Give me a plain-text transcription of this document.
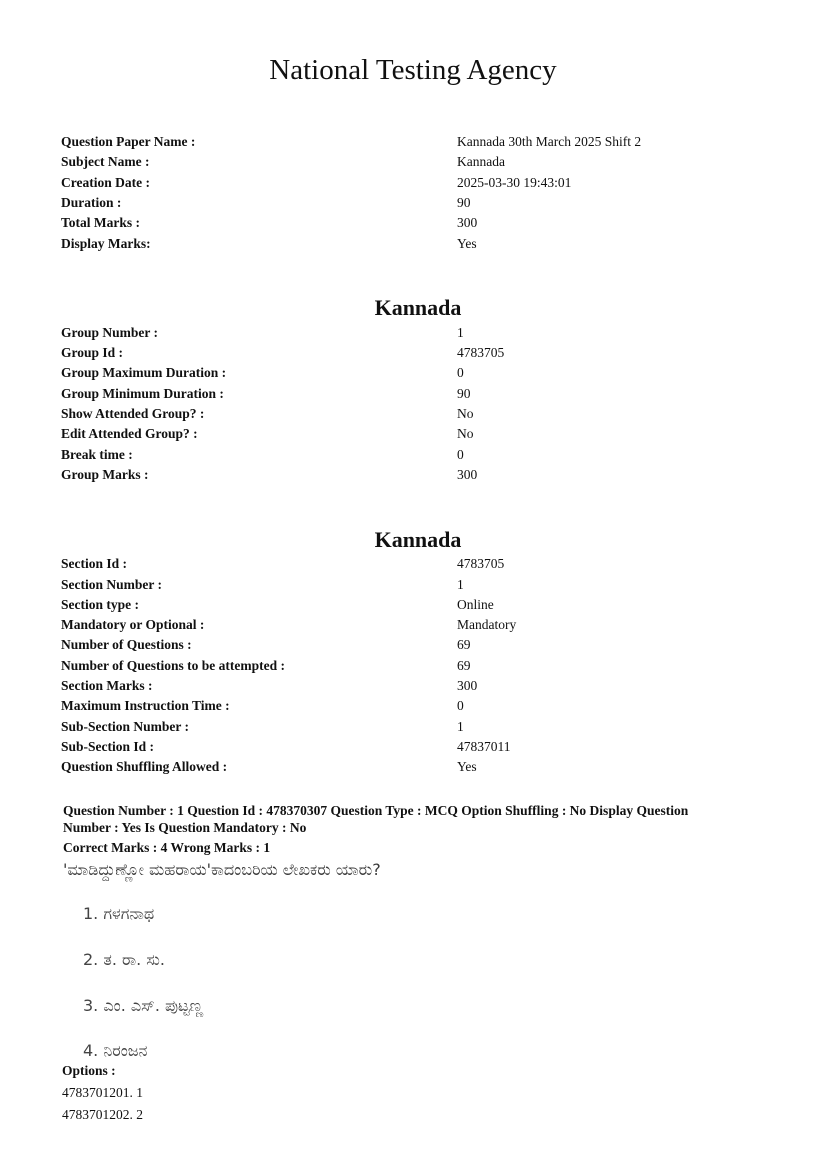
National Testing Agency
Question Paper Name :	Kannada 30th March 2025 Shift 2
Subject Name :	Kannada
Creation Date :	2025-03-30 19:43:01
Duration :	90
Total Marks :	300
Display Marks:	Yes
Kannada
Group Number :	1
Group Id :	4783705
Group Maximum Duration :	0
Group Minimum Duration :	90
Show Attended Group? :	No
Edit Attended Group? :	No
Break time :	0
Group Marks :	300
Kannada
Section Id :	4783705
Section Number :	1
Section type :	Online
Mandatory or Optional :	Mandatory
Number of Questions :	69
Number of Questions to be attempted :	69
Section Marks :	300
Maximum Instruction Time :	0
Sub-Section Number :	1
Sub-Section Id :	47837011
Question Shuffling Allowed :	Yes
Question Number : 1 Question Id : 478370307 Question Type : MCQ Option Shuffling : No Display Question
Number : Yes Is Question Mandatory : No
Correct Marks : 4 Wrong Marks : 1
'ಮಾಡಿದ್ದುಣ್ಣೋ ಮಹರಾಯ'ಕಾದಂಬರಿಯ ಲೇಖಕರು ಯಾರು?
1. ಗಳಗನಾಥ
2. ತ. ರಾ. ಸು.
3. ಎಂ. ಎಸ್. ಪುಟ್ಟಣ್ಣ
4. ನಿರಂಜನ
Options :
4783701201. 1
4783701202. 2
